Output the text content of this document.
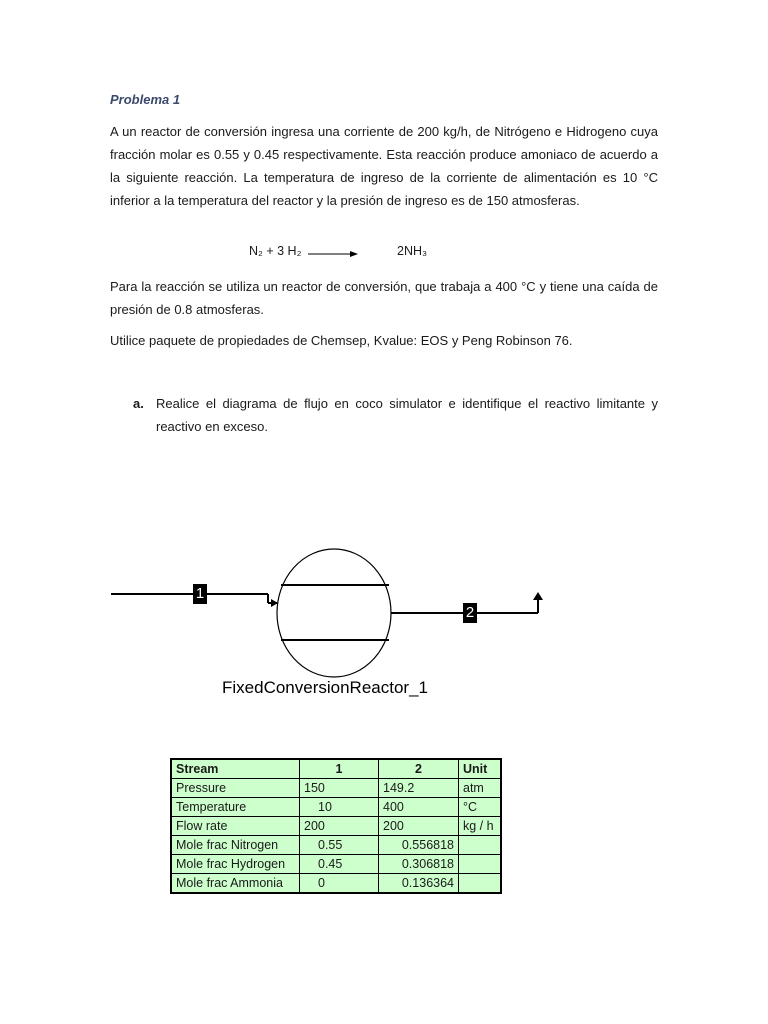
Problema 1
A un reactor de conversión ingresa una corriente de 200 kg/h, de Nitrógeno e Hidrogeno cuya fracción molar es 0.55 y 0.45 respectivamente. Esta reacción produce amoniaco de acuerdo a la siguiente reacción. La temperatura de ingreso de la corriente de alimentación es 10 °C inferior a la temperatura del reactor y la presión de ingreso es de 150 atmosferas.
N₂ + 3 H₂ →	2NH₃
Para la reacción se utiliza un reactor de conversión, que trabaja a 400 °C y tiene una caída de presión de 0.8 atmosferas.
Utilice paquete de propiedades de Chemsep, Kvalue: EOS y Peng Robinson 76.
a. Realice el diagrama de flujo en coco simulator e identifique el reactivo limitante y reactivo en exceso.
1
2
FixedConversionReactor_1
Stream	1	2	Unit
Pressure	150	149.2	atm
Temperature	10	400	°C
Flow rate	200	200	kg / h
Mole frac Nitrogen	0.55	0.556818	
Mole frac Hydrogen	0.45	0.306818	
Mole frac Ammonia	0	0.136364	
